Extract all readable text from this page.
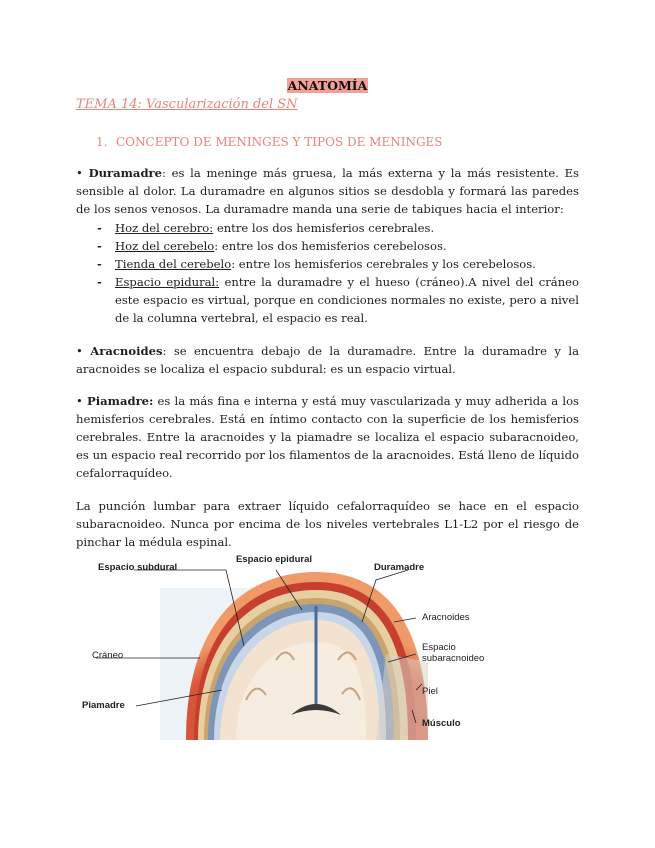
ANATOMÍA
TEMA 14: Vascularización del SN
1. CONCEPTO DE MENINGES Y TIPOS DE MENINGES

• Duramadre: es la meninge más gruesa, la más externa y la más resistente. Es sensible al dolor. La duramadre en algunos sitios se desdobla y formará las paredes de los senos venosos. La duramadre manda una serie de tabiques hacia el interior:

- Hoz del cerebro: entre los dos hemisferios cerebrales.
- Hoz del cerebelo: entre los dos hemisferios cerebelosos.
- Tienda del cerebelo: entre los hemisferios cerebrales y los cerebelosos.
- Espacio epidural: entre la duramadre y el hueso (cráneo).A nivel del cráneo este espacio es virtual, porque en condiciones normales no existe, pero a nivel de la columna vertebral, el espacio es real.

• Aracnoides: se encuentra debajo de la duramadre. Entre la duramadre y la aracnoides se localiza el espacio subdural: es un espacio virtual.

• Piamadre: es la más fina e interna y está muy vascularizada y muy adherida a los hemisferios cerebrales. Está en íntimo contacto con la superficie de los hemisferios cerebrales. Entre la aracnoides y la piamadre se localiza el espacio subaracnoideo, es un espacio real recorrido por los filamentos de la aracnoides. Está lleno de líquido cefalorraquídeo.

La punción lumbar para extraer líquido cefalorraquídeo se hace en el espacio subaracnoideo. Nunca por encima de los niveles vertebrales L1-L2 por el riesgo de pinchar la médula espinal.

Espacio subdural
Espacio epidural
Duramadre
Aracnoides
Espacio
subaracnoideo
Cráneo
Piel
Piamadre
Músculo
